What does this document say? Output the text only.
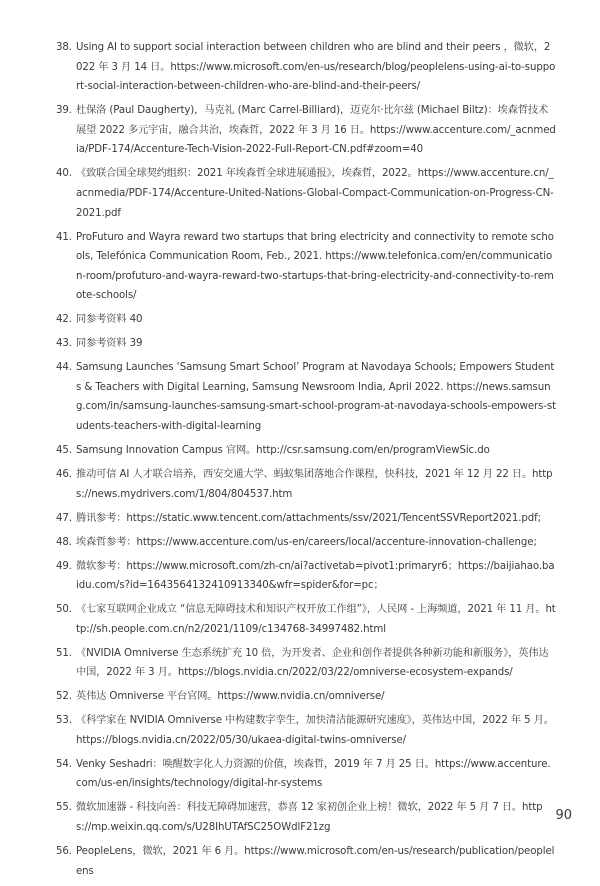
38. Using AI to support social interaction between children who are blind and their peers ，微软，2022 年 3 月 14 日。https://www.microsoft.com/en-us/research/blog/peoplelens-using-ai-to-support-social-interaction-between-children-who-are-blind-and-their-peers/
39. 杜保洛 (Paul Daugherty)，马克礼 (Marc Carrel-Billiard)，迈克尔·比尔兹 (Michael Biltz)：埃森哲技术展望 2022 多元宇宙，融合共治，埃森哲，2022 年 3 月 16 日。https://www.accenture.com/_acnmedia/PDF-174/Accenture-Tech-Vision-2022-Full-Report-CN.pdf#zoom=40
40. 《致联合国全球契约组织：2021 年埃森哲全球进展通报》，埃森哲，2022。https://www.accenture.cn/_acnmedia/PDF-174/Accenture-United-Nations-Global-Compact-Communication-on-Progress-CN-2021.pdf
41. ProFuturo and Wayra reward two startups that bring electricity and connectivity to remote schools, Telefónica Communication Room, Feb., 2021. https://www.telefonica.com/en/communication-room/profuturo-and-wayra-reward-two-startups-that-bring-electricity-and-connectivity-to-remote-schools/
42. 同参考资料 40
43. 同参考资料 39
44. Samsung Launches ‘Samsung Smart School’ Program at Navodaya Schools; Empowers Students & Teachers with Digital Learning, Samsung Newsroom India, April 2022. https://news.samsung.com/in/samsung-launches-samsung-smart-school-program-at-navodaya-schools-empowers-students-teachers-with-digital-learning
45. Samsung Innovation Campus 官网。http://csr.samsung.com/en/programViewSic.do
46. 推动可信 AI 人才联合培养，西安交通大学、蚂蚁集团落地合作课程，快科技，2021 年 12 月 22 日。https://news.mydrivers.com/1/804/804537.htm
47. 腾讯参考：https://static.www.tencent.com/attachments/ssv/2021/TencentSSVReport2021.pdf;
48. 埃森哲参考：https://www.accenture.com/us-en/careers/local/accenture-innovation-challenge;
49. 微软参考：https://www.microsoft.com/zh-cn/ai?activetab=pivot1:primaryr6；https://baijiahao.baidu.com/s?id=1643564132410913340&wfr=spider&for=pc；
50. 《七家互联网企业成立 “信息无障碍技术和知识产权开放工作组”》，人民网 - 上海频道，2021 年 11 月。http://sh.people.com.cn/n2/2021/1109/c134768-34997482.html
51. 《NVIDIA Omniverse 生态系统扩充 10 倍，为开发者、企业和创作者提供各种新功能和新服务》，英伟达中国，2022 年 3 月。https://blogs.nvidia.cn/2022/03/22/omniverse-ecosystem-expands/
52. 英伟达 Omniverse 平台官网。https://www.nvidia.cn/omniverse/
53. 《科学家在 NVIDIA Omniverse 中构建数字孪生，加快清洁能源研究速度》，英伟达中国，2022 年 5 月。https://blogs.nvidia.cn/2022/05/30/ukaea-digital-twins-omniverse/
54. Venky Seshadri：唤醒数字化人力资源的价值，埃森哲，2019 年 7 月 25 日。https://www.accenture.com/us-en/insights/technology/digital-hr-systems
55. 微软加速器 - 科技向善：科技无障碍加速营，恭喜 12 家初创企业上榜！微软，2022 年 5 月 7 日。https://mp.weixin.qq.com/s/U28IhUTAfSC25OWdlF21zg
56. PeopleLens，微软，2021 年 6 月。https://www.microsoft.com/en-us/research/publication/peoplelens
90
